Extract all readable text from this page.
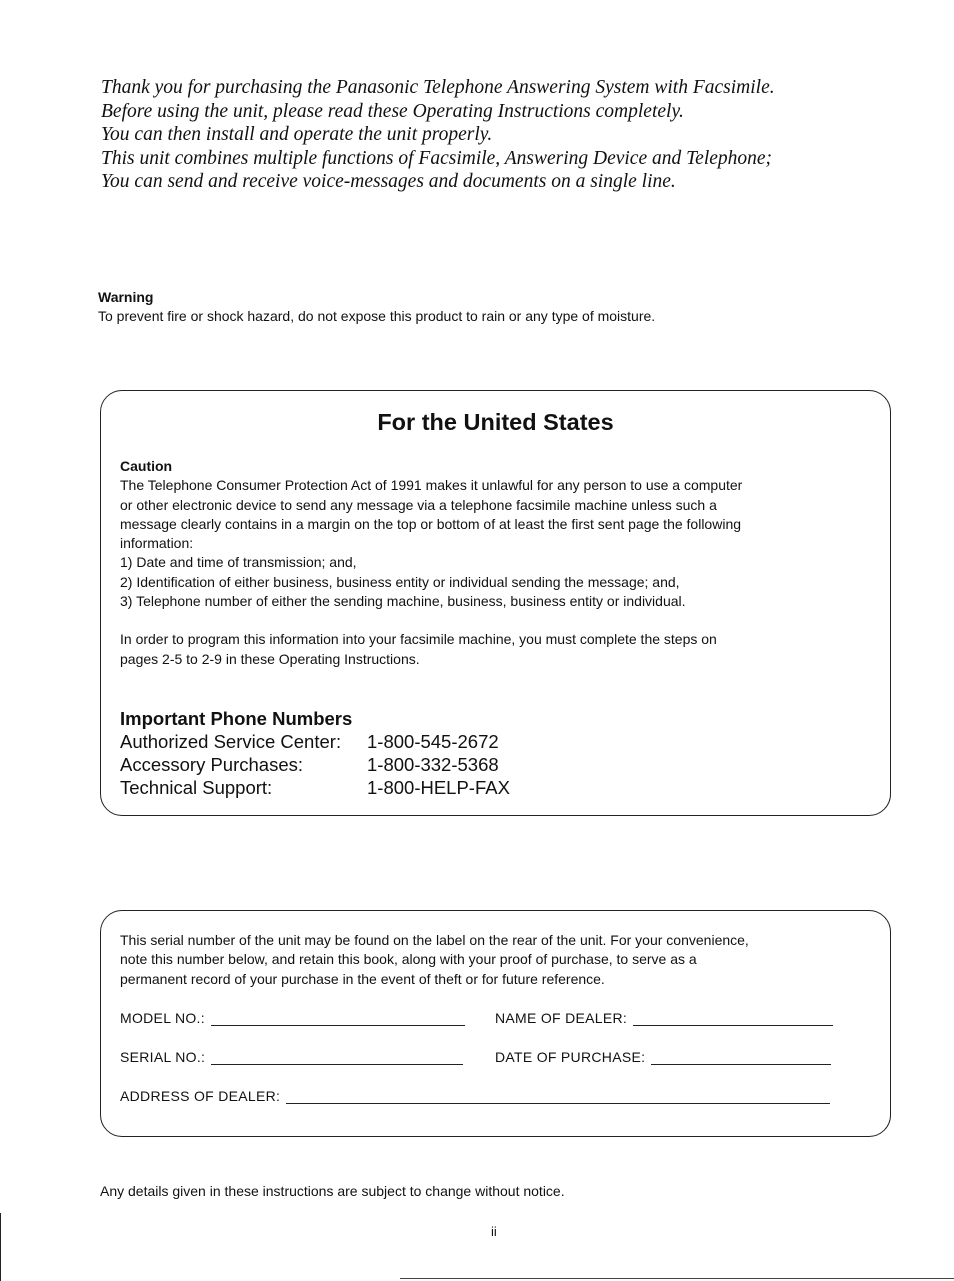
Thank you for purchasing the Panasonic Telephone Answering System with Facsimile.
Before using the unit, please read these Operating Instructions completely.
You can then install and operate the unit properly.
This unit combines multiple functions of Facsimile, Answering Device and Telephone;
You can send and receive voice-messages and documents on a single line.
Warning
To prevent fire or shock hazard, do not expose this product to rain or any type of moisture.
For the United States
Caution
The Telephone Consumer Protection Act of 1991 makes it unlawful for any person to use a computer
or other electronic device to send any message via a telephone facsimile machine unless such a
message clearly contains in a margin on the top or bottom of at least the first sent page the following
information:
1) Date and time of transmission; and,
2) Identification of either business, business entity or individual sending the message; and,
3) Telephone number of either the sending machine, business, business entity or individual.
In order to program this information into your facsimile machine, you must complete the steps on
pages 2-5 to 2-9 in these Operating Instructions.
Important Phone Numbers
Authorized Service Center:	1-800-545-2672
Accessory Purchases:	1-800-332-5368
Technical Support:	1-800-HELP-FAX
This serial number of the unit may be found on the label on the rear of the unit. For your convenience,
note this number below, and retain this book, along with your proof of purchase, to serve as a
permanent record of your purchase in the event of theft or for future reference.
MODEL NO.:	NAME OF DEALER:
SERIAL NO.:	DATE OF PURCHASE:
ADDRESS OF DEALER:
Any details given in these instructions are subject to change without notice.
ii
